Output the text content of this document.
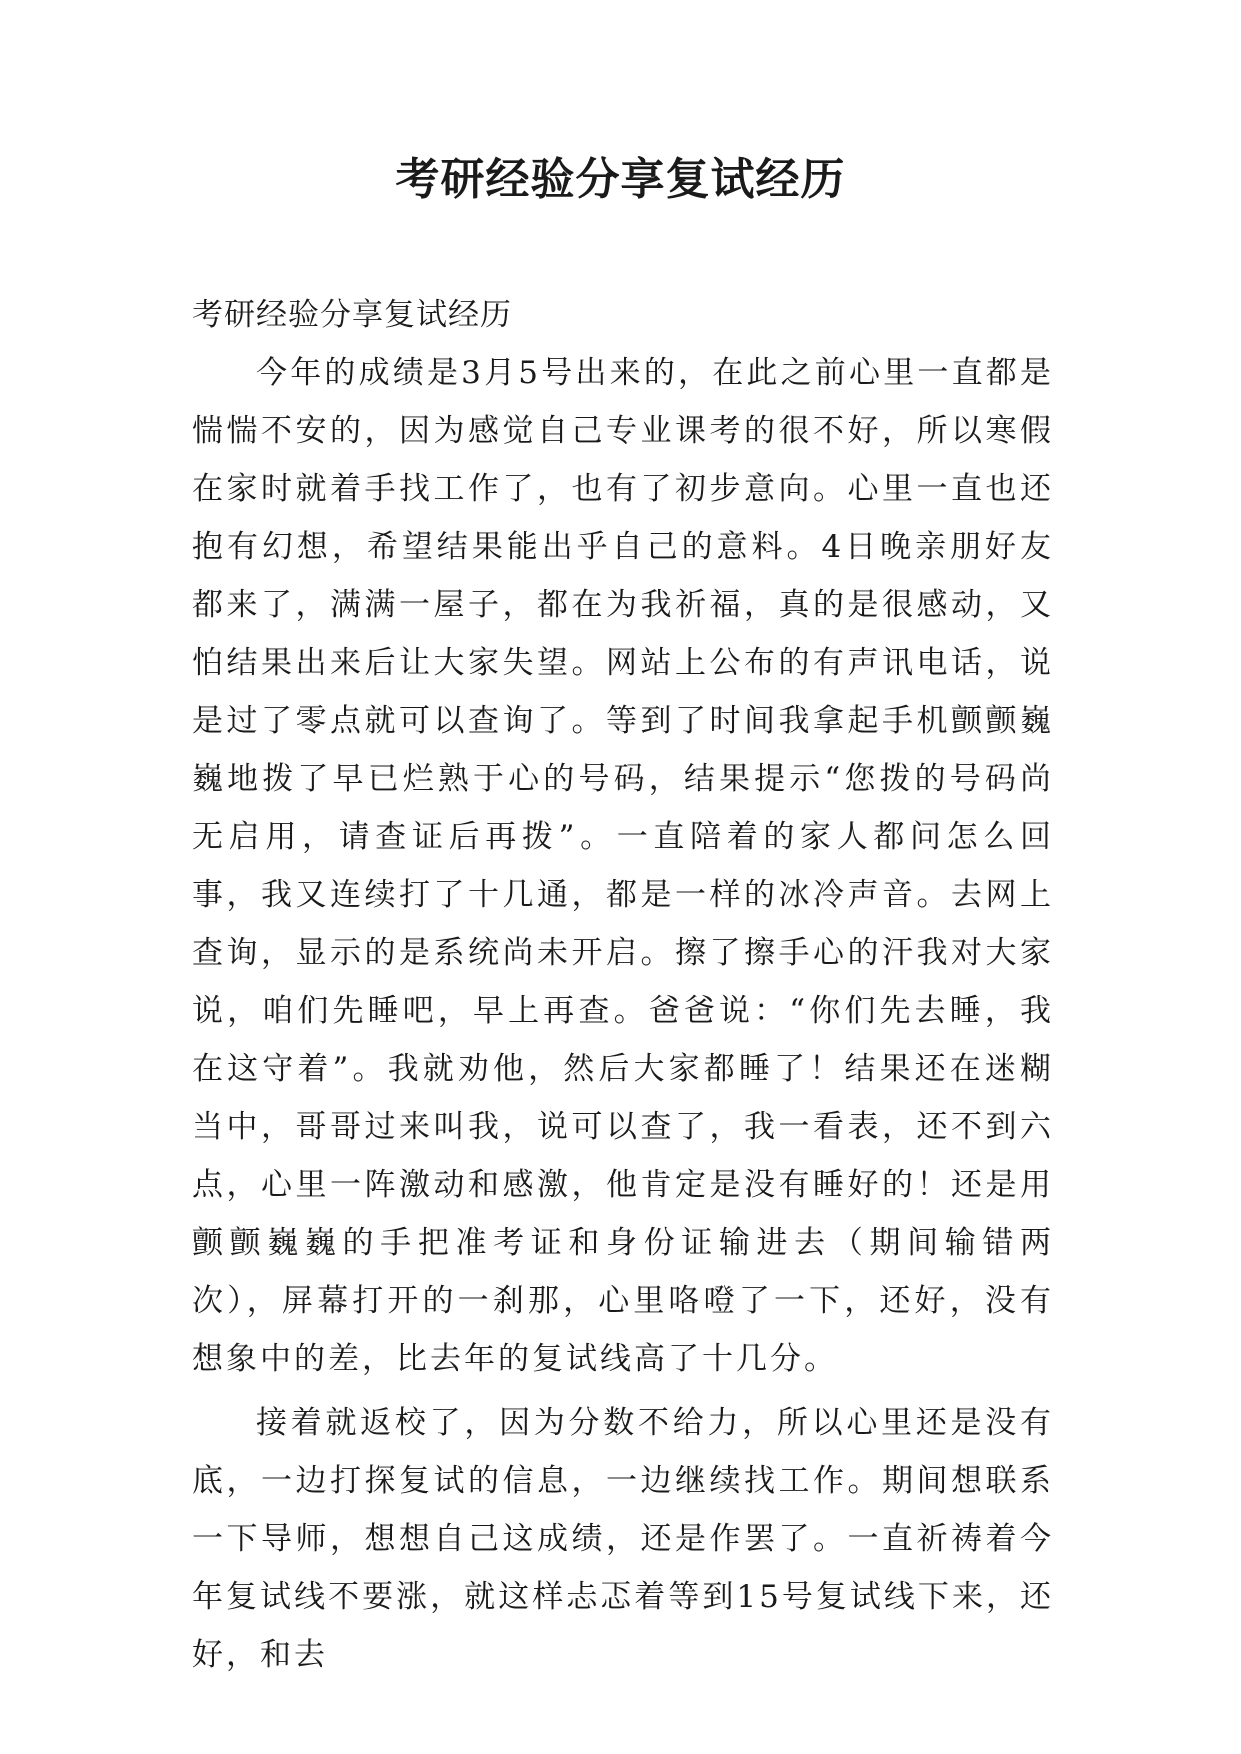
考研经验分享复试经历

考研经验分享复试经历

今年的成绩是3月5号出来的，在此之前心里一直都是惴惴不安的，因为感觉自己专业课考的很不好，所以寒假在家时就着手找工作了，也有了初步意向。心里一直也还抱有幻想，希望结果能出乎自己的意料。4日晚亲朋好友都来了，满满一屋子，都在为我祈福，真的是很感动，又怕结果出来后让大家失望。网站上公布的有声讯电话，说是过了零点就可以查询了。等到了时间我拿起手机颤颤巍巍地拨了早已烂熟于心的号码，结果提示“您拨的号码尚无启用，请查证后再拨”。一直陪着的家人都问怎么回事，我又连续打了十几通，都是一样的冰冷声音。去网上查询，显示的是系统尚未开启。擦了擦手心的汗我对大家说，咱们先睡吧，早上再查。爸爸说：“你们先去睡，我在这守着”。我就劝他，然后大家都睡了！结果还在迷糊当中，哥哥过来叫我，说可以查了，我一看表，还不到六点，心里一阵激动和感激，他肯定是没有睡好的！还是用颤颤巍巍的手把准考证和身份证输进去（期间输错两次），屏幕打开的一刹那，心里咯噔了一下，还好，没有想象中的差，比去年的复试线高了十几分。

接着就返校了，因为分数不给力，所以心里还是没有底，一边打探复试的信息，一边继续找工作。期间想联系一下导师，想想自己这成绩，还是作罢了。一直祈祷着今年复试线不要涨，就这样忐忑着等到15号复试线下来，还好，和去
